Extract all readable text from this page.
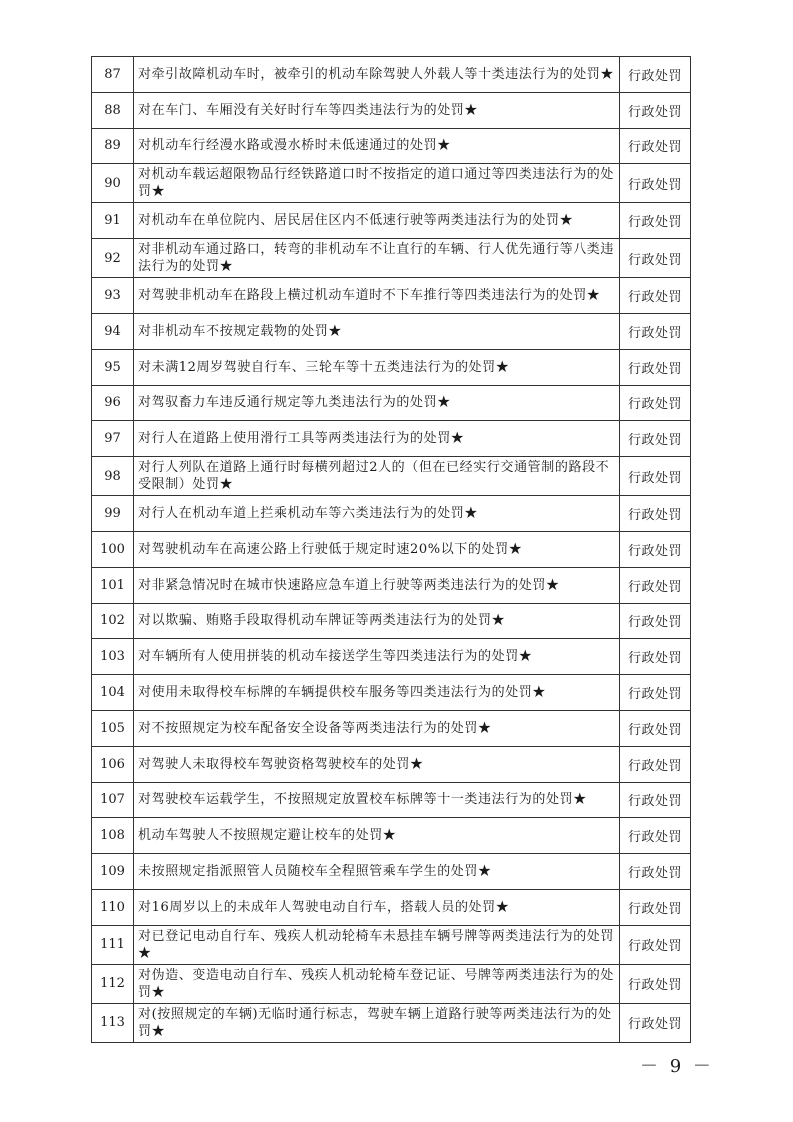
87	对牵引故障机动车时，被牵引的机动车除驾驶人外载人等十类违法行为的处罚★	行政处罚
88	对在车门、车厢没有关好时行车等四类违法行为的处罚★	行政处罚
89	对机动车行经漫水路或漫水桥时未低速通过的处罚★	行政处罚
90	对机动车载运超限物品行经铁路道口时不按指定的道口通过等四类违法行为的处罚★	行政处罚
91	对机动车在单位院内、居民居住区内不低速行驶等两类违法行为的处罚★	行政处罚
92	对非机动车通过路口，转弯的非机动车不让直行的车辆、行人优先通行等八类违法行为的处罚★	行政处罚
93	对驾驶非机动车在路段上横过机动车道时不下车推行等四类违法行为的处罚★	行政处罚
94	对非机动车不按规定载物的处罚★	行政处罚
95	对未满12周岁驾驶自行车、三轮车等十五类违法行为的处罚★	行政处罚
96	对驾驭畜力车违反通行规定等九类违法行为的处罚★	行政处罚
97	对行人在道路上使用滑行工具等两类违法行为的处罚★	行政处罚
98	对行人列队在道路上通行时每横列超过2人的（但在已经实行交通管制的路段不受限制）处罚★	行政处罚
99	对行人在机动车道上拦乘机动车等六类违法行为的处罚★	行政处罚
100	对驾驶机动车在高速公路上行驶低于规定时速20%以下的处罚★	行政处罚
101	对非紧急情况时在城市快速路应急车道上行驶等两类违法行为的处罚★	行政处罚
102	对以欺骗、贿赂手段取得机动车牌证等两类违法行为的处罚★	行政处罚
103	对车辆所有人使用拼装的机动车接送学生等四类违法行为的处罚★	行政处罚
104	对使用未取得校车标牌的车辆提供校车服务等四类违法行为的处罚★	行政处罚
105	对不按照规定为校车配备安全设备等两类违法行为的处罚★	行政处罚
106	对驾驶人未取得校车驾驶资格驾驶校车的处罚★	行政处罚
107	对驾驶校车运载学生，不按照规定放置校车标牌等十一类违法行为的处罚★	行政处罚
108	机动车驾驶人不按照规定避让校车的处罚★	行政处罚
109	未按照规定指派照管人员随校车全程照管乘车学生的处罚★	行政处罚
110	对16周岁以上的未成年人驾驶电动自行车，搭载人员的处罚★	行政处罚
111	对已登记电动自行车、残疾人机动轮椅车未悬挂车辆号牌等两类违法行为的处罚★	行政处罚
112	对伪造、变造电动自行车、残疾人机动轮椅车登记证、号牌等两类违法行为的处罚★	行政处罚
113	对(按照规定的车辆)无临时通行标志，驾驶车辆上道路行驶等两类违法行为的处罚★	行政处罚
－ 9 －
